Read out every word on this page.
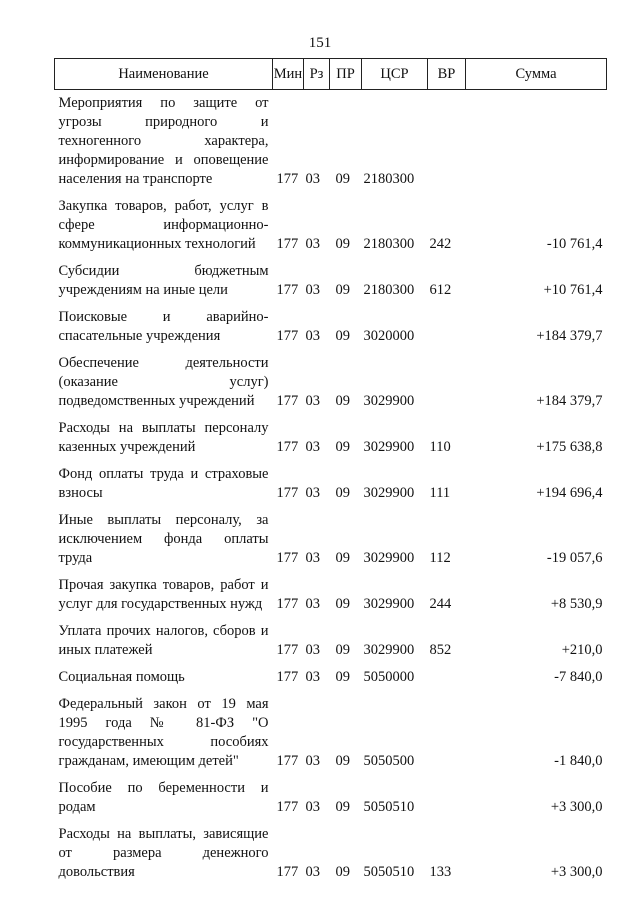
151
Наименование	Мин	Рз	ПР	ЦСР	ВР	Сумма
Мероприятия по защите от угрозы природного и техногенного характера, информирование и оповещение населения на транспорте	177	03	09	2180300		
Закупка товаров, работ, услуг в сфере информационно-коммуникационных технологий	177	03	09	2180300	242	-10 761,4
Субсидии бюджетным учреждениям на иные цели	177	03	09	2180300	612	+10 761,4
Поисковые и аварийно-спасательные учреждения	177	03	09	3020000		+184 379,7
Обеспечение деятельности (оказание услуг) подведомственных учреждений	177	03	09	3029900		+184 379,7
Расходы на выплаты персоналу казенных учреждений	177	03	09	3029900	110	+175 638,8
Фонд оплаты труда и страховые взносы	177	03	09	3029900	111	+194 696,4
Иные выплаты персоналу, за исключением фонда оплаты труда	177	03	09	3029900	112	-19 057,6
Прочая закупка товаров, работ и услуг для государственных нужд	177	03	09	3029900	244	+8 530,9
Уплата прочих налогов, сборов и иных платежей	177	03	09	3029900	852	+210,0
Социальная помощь	177	03	09	5050000		-7 840,0
Федеральный закон от 19 мая 1995 года № 81-ФЗ "О государственных пособиях гражданам, имеющим детей"	177	03	09	5050500		-1 840,0
Пособие по беременности и родам	177	03	09	5050510		+3 300,0
Расходы на выплаты, зависящие от размера денежного довольствия	177	03	09	5050510	133	+3 300,0
